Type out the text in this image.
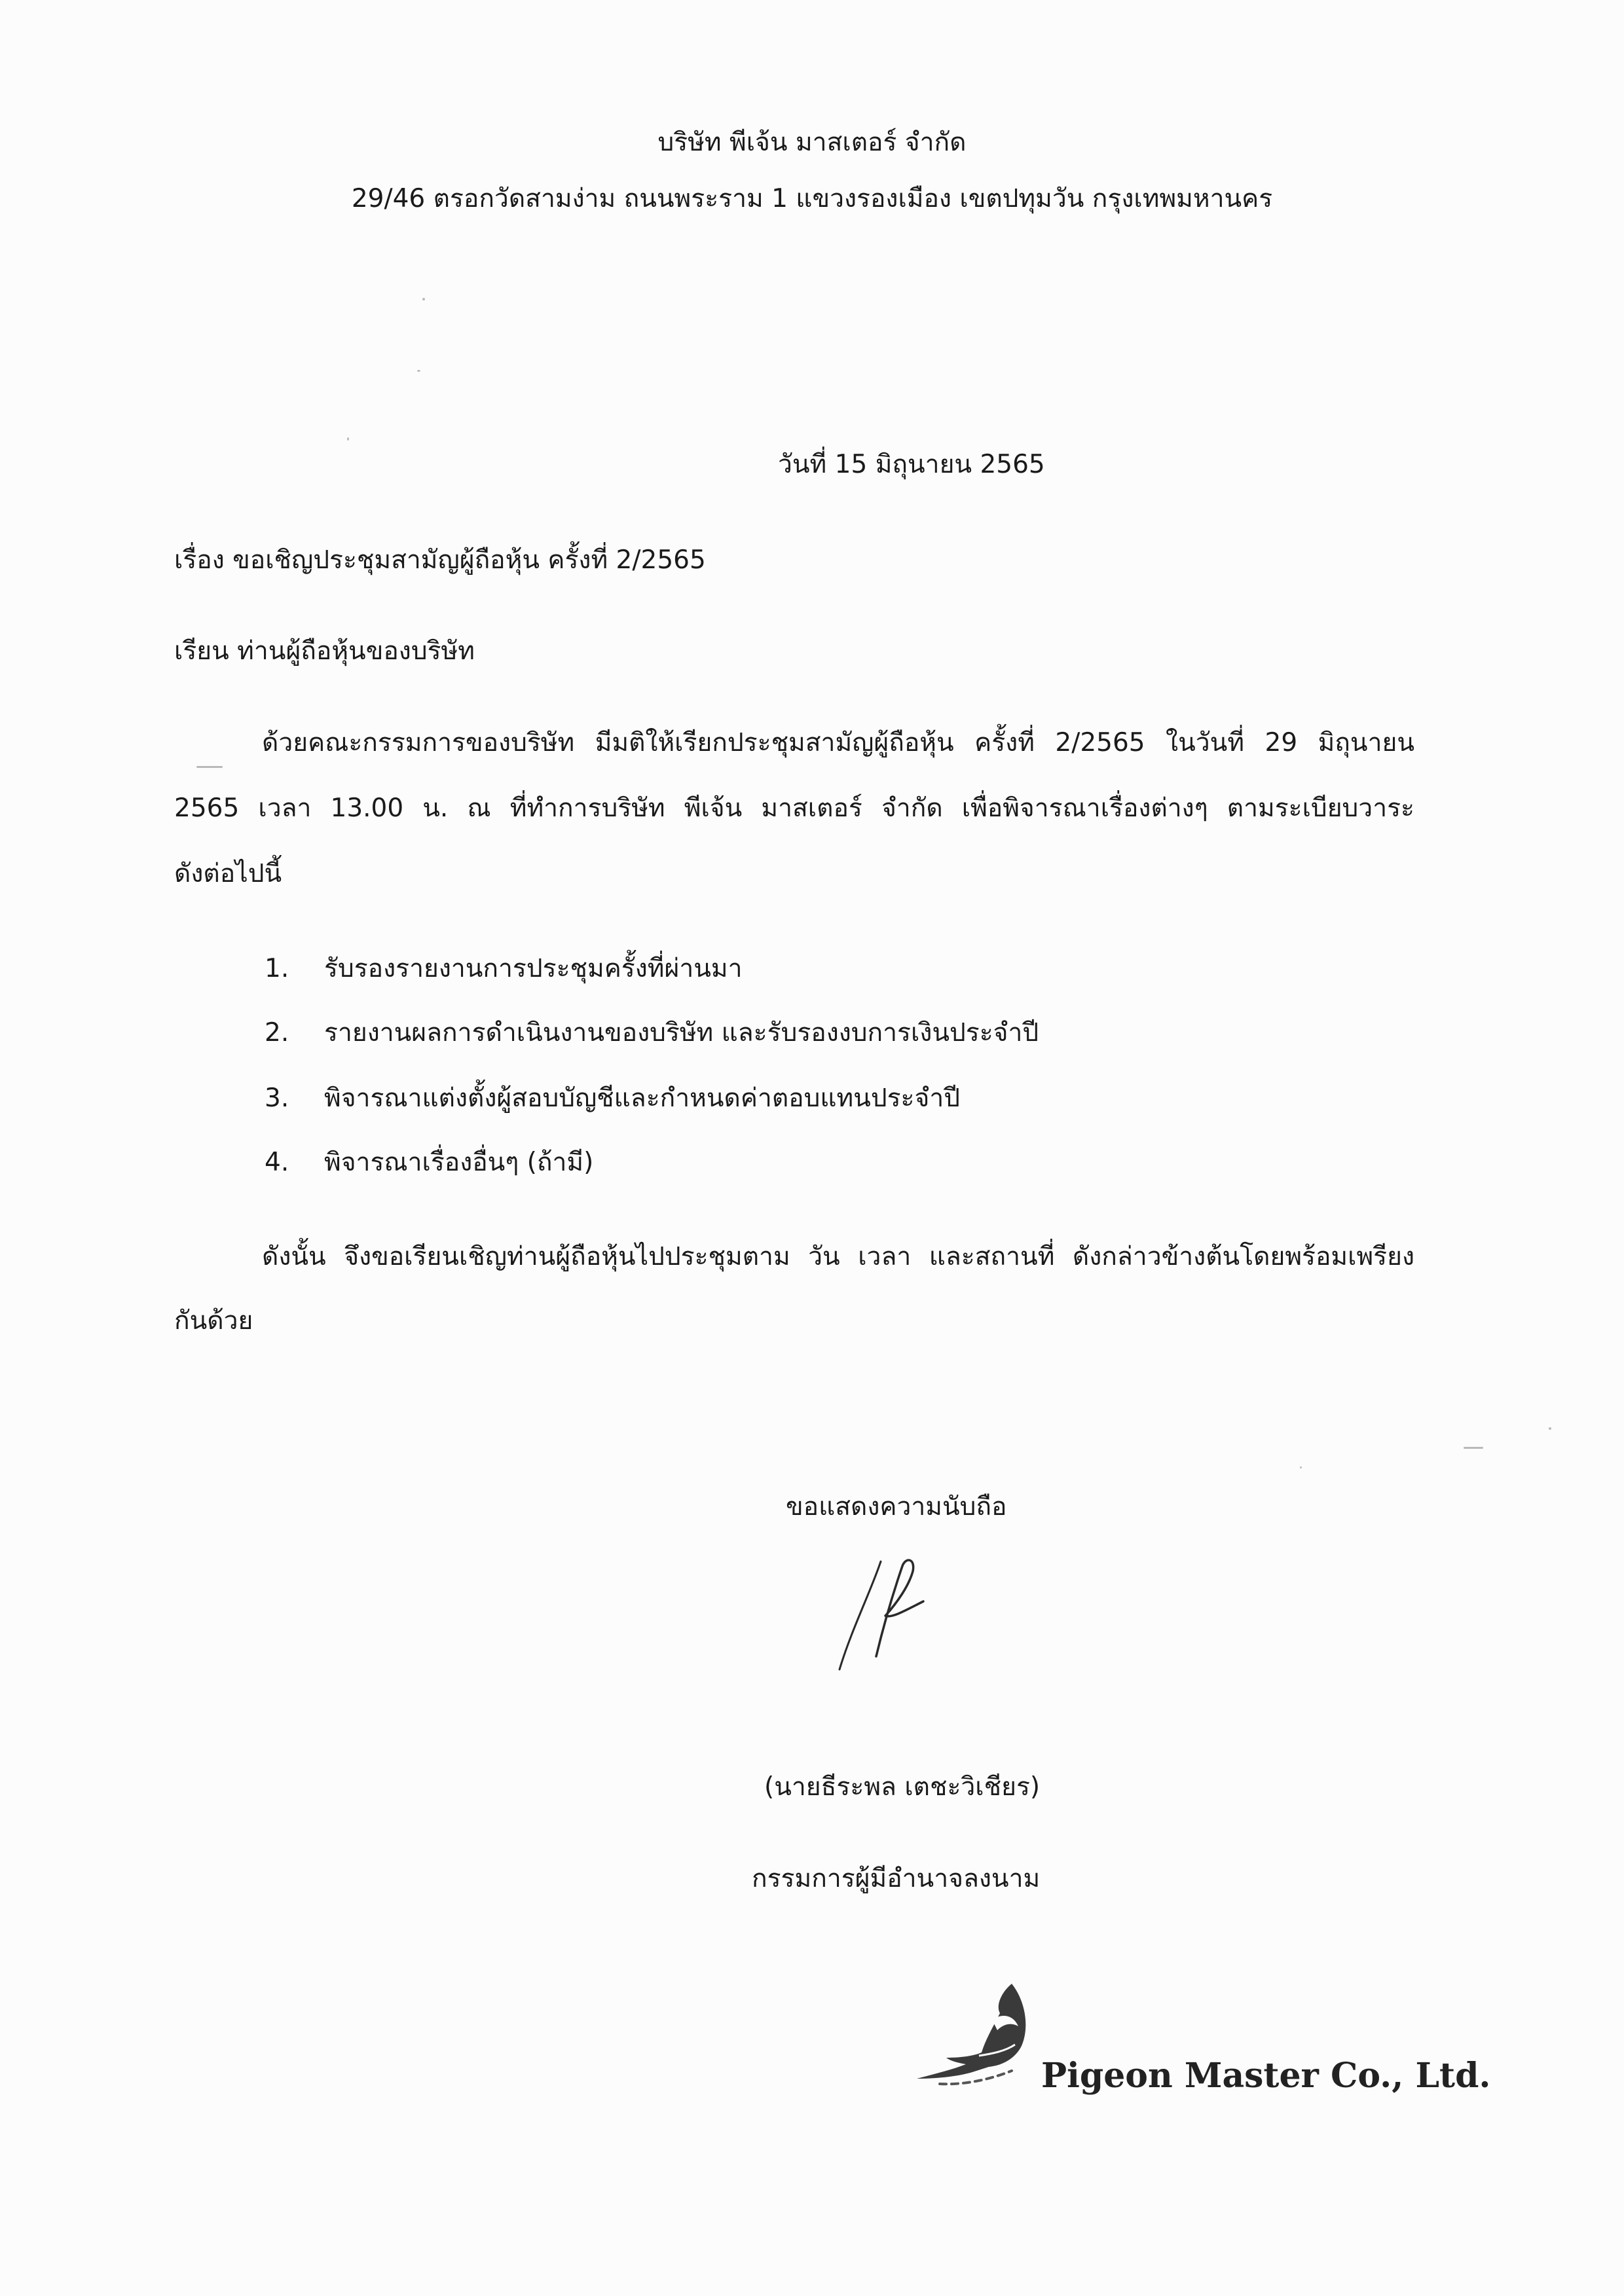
บริษัท พีเจ้น มาสเตอร์ จำกัด
29/46 ตรอกวัดสามง่าม ถนนพระราม 1 แขวงรองเมือง เขตปทุมวัน กรุงเทพมหานคร
วันที่ 15 มิถุนายน 2565
เรื่อง ขอเชิญประชุมสามัญผู้ถือหุ้น ครั้งที่ 2/2565
เรียน ท่านผู้ถือหุ้นของบริษัท
ด้วยคณะกรรมการของบริษัท มีมติให้เรียกประชุมสามัญผู้ถือหุ้น ครั้งที่ 2/2565 ในวันที่ 29 มิถุนายน
2565 เวลา 13.00 น. ณ ที่ทำการบริษัท พีเจ้น มาสเตอร์ จำกัด เพื่อพิจารณาเรื่องต่างๆ ตามระเบียบวาระ
ดังต่อไปนี้
1. รับรองรายงานการประชุมครั้งที่ผ่านมา
2. รายงานผลการดำเนินงานของบริษัท และรับรองงบการเงินประจำปี
3. พิจารณาแต่งตั้งผู้สอบบัญชีและกำหนดค่าตอบแทนประจำปี
4. พิจารณาเรื่องอื่นๆ (ถ้ามี)
ดังนั้น จึงขอเรียนเชิญท่านผู้ถือหุ้นไปประชุมตาม วัน เวลา และสถานที่ ดังกล่าวข้างต้นโดยพร้อมเพรียง
กันด้วย
ขอแสดงความนับถือ
(นายธีระพล เตชะวิเชียร)
กรรมการผู้มีอำนาจลงนาม
Pigeon Master Co., Ltd.
